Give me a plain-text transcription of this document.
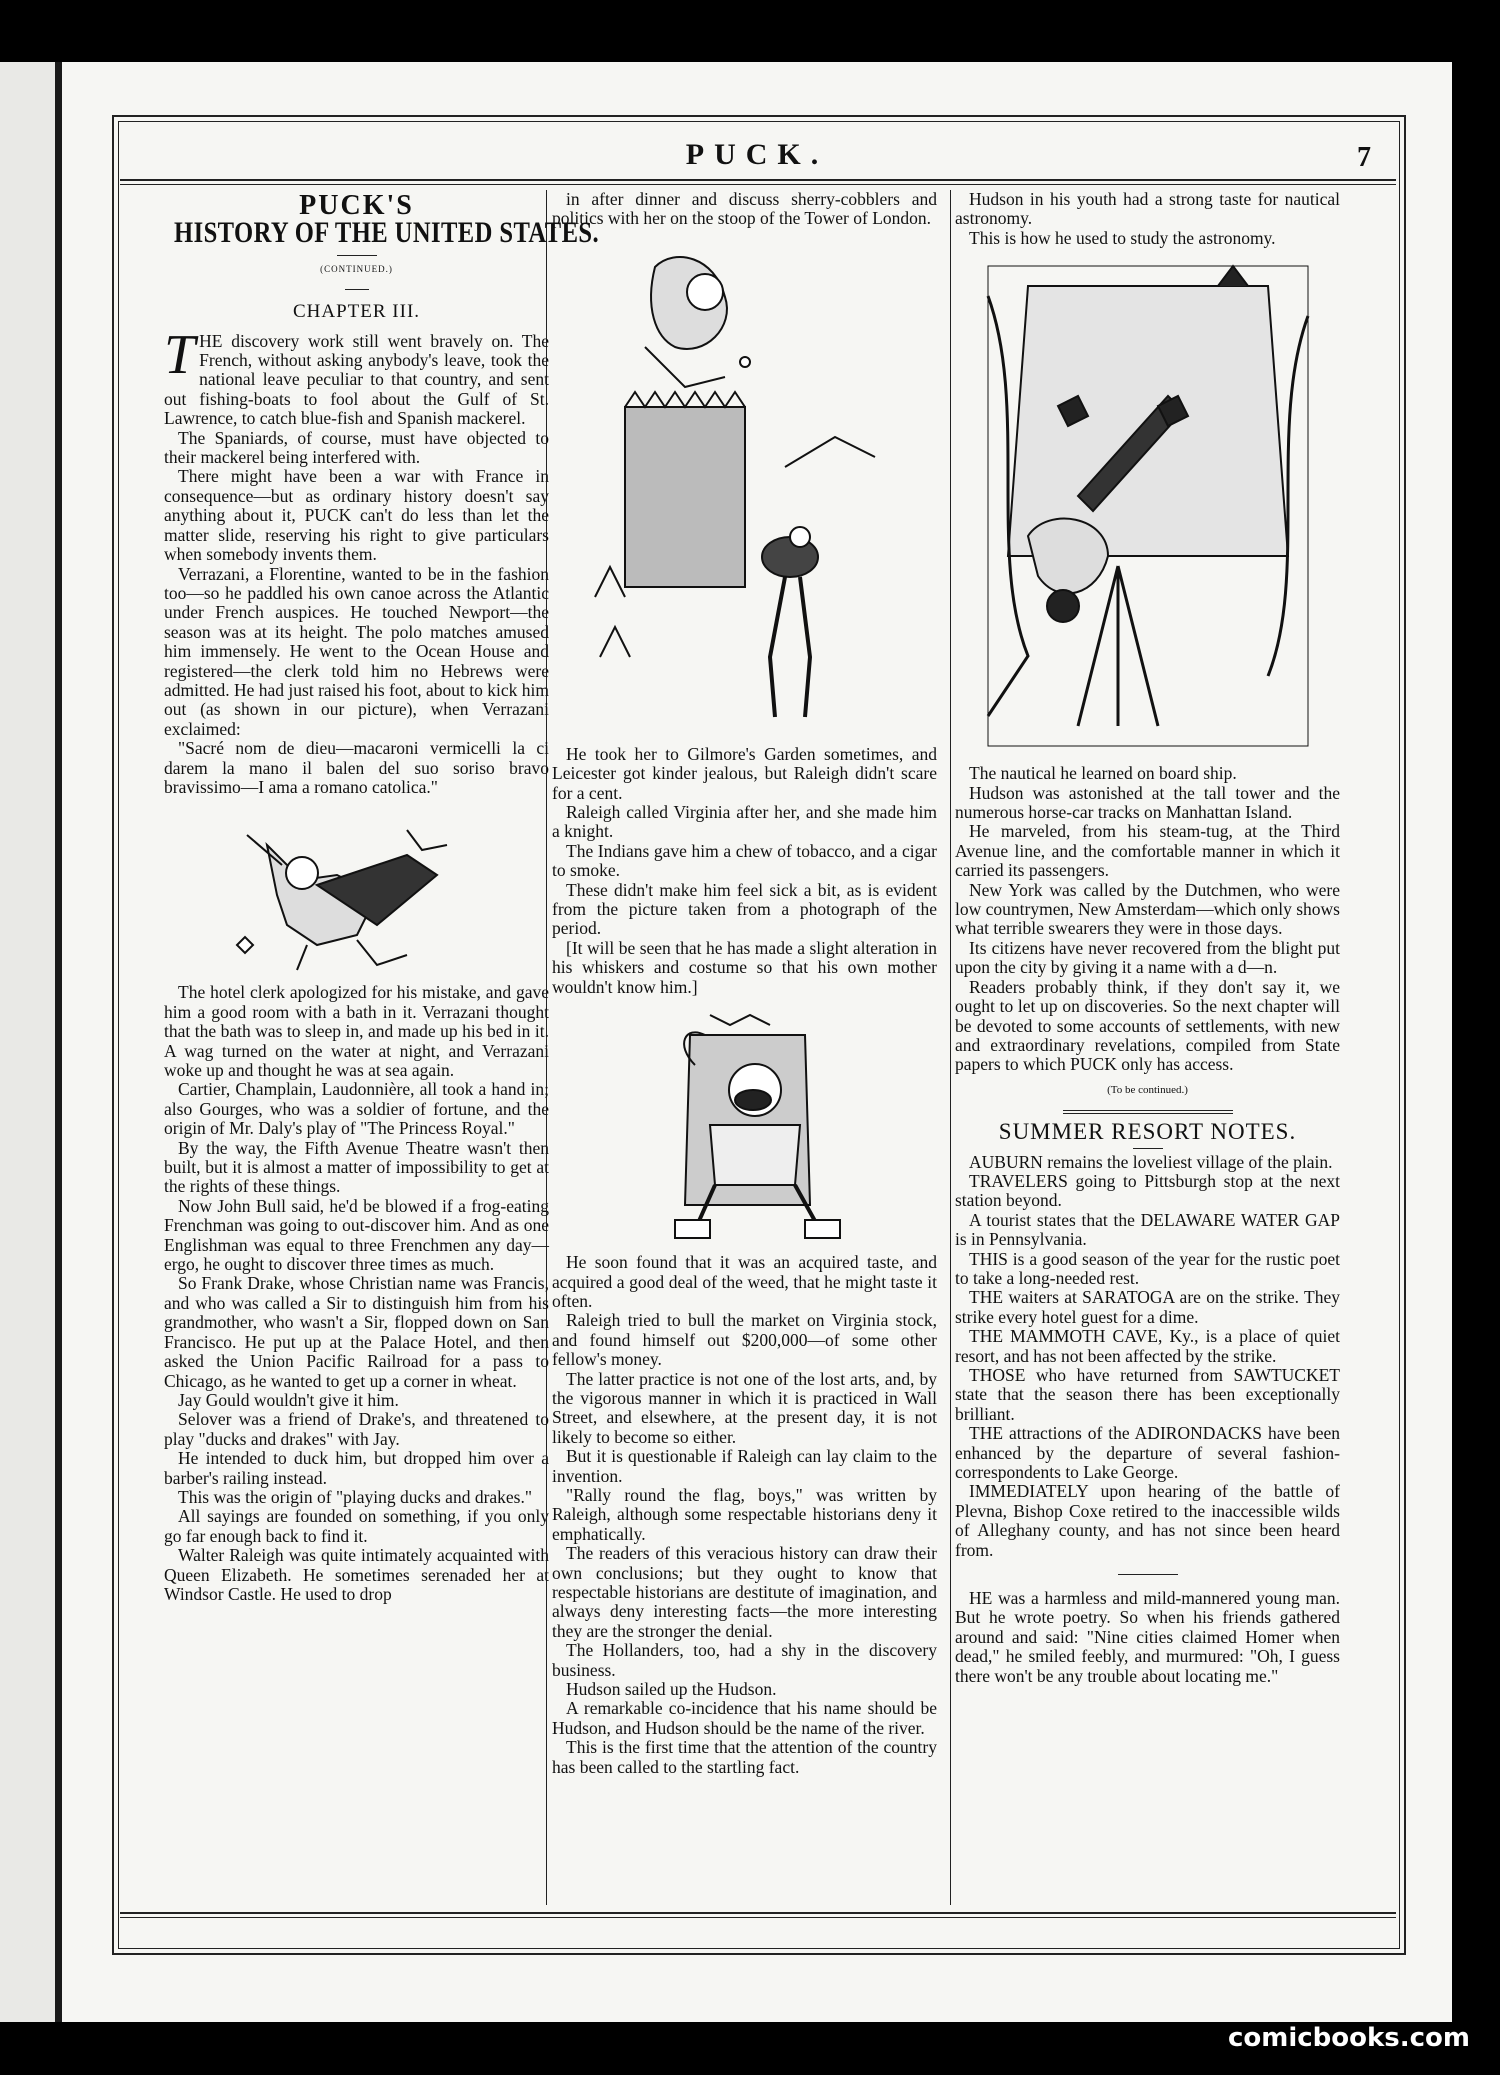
PUCK.	7
PUCK'S
HISTORY OF THE UNITED STATES.
(CONTINUED.)
CHAPTER III.

THE discovery work still went bravely on. The French, without asking anybody's leave, took the national leave peculiar to that country, and sent out fishing-boats to fool about the Gulf of St. Lawrence, to catch blue-fish and Spanish mackerel.

The Spaniards, of course, must have objected to their mackerel being interfered with.

There might have been a war with France in consequence—but as ordinary history doesn't say anything about it, PUCK can't do less than let the matter slide, reserving his right to give particulars when somebody invents them.

Verrazani, a Florentine, wanted to be in the fashion too—so he paddled his own canoe across the Atlantic under French auspices. He touched Newport—the season was at its height. The polo matches amused him immensely. He went to the Ocean House and registered—the clerk told him no Hebrews were admitted. He had just raised his foot, about to kick him out (as shown in our picture), when Verrazani exclaimed:

"Sacré nom de dieu—macaroni vermicelli la ci darem la mano il balen del suo soriso bravo bravissimo—I ama a romano catolica."

The hotel clerk apologized for his mistake, and gave him a good room with a bath in it. Verrazani thought that the bath was to sleep in, and made up his bed in it. A wag turned on the water at night, and Verrazani woke up and thought he was at sea again.

Cartier, Champlain, Laudonnière, all took a hand in; also Gourges, who was a soldier of fortune, and the origin of Mr. Daly's play of "The Princess Royal."

By the way, the Fifth Avenue Theatre wasn't then built, but it is almost a matter of impossibility to get at the rights of these things.

Now John Bull said, he'd be blowed if a frog-eating Frenchman was going to out-discover him. And as one Englishman was equal to three Frenchmen any day—ergo, he ought to discover three times as much.

So Frank Drake, whose Christian name was Francis, and who was called a Sir to distinguish him from his grandmother, who wasn't a Sir, flopped down on San Francisco. He put up at the Palace Hotel, and then asked the Union Pacific Railroad for a pass to Chicago, as he wanted to get up a corner in wheat.

Jay Gould wouldn't give it him.

Selover was a friend of Drake's, and threatened to play "ducks and drakes" with Jay.

He intended to duck him, but dropped him over a barber's railing instead.

This was the origin of "playing ducks and drakes."

All sayings are founded on something, if you only go far enough back to find it.

Walter Raleigh was quite intimately acquainted with Queen Elizabeth. He sometimes serenaded her at Windsor Castle. He used to drop

in after dinner and discuss sherry-cobblers and politics with her on the stoop of the Tower of London.

He took her to Gilmore's Garden sometimes, and Leicester got kinder jealous, but Raleigh didn't scare for a cent.

Raleigh called Virginia after her, and she made him a knight.

The Indians gave him a chew of tobacco, and a cigar to smoke.

These didn't make him feel sick a bit, as is evident from the picture taken from a photograph of the period.

[It will be seen that he has made a slight alteration in his whiskers and costume so that his own mother wouldn't know him.]

He soon found that it was an acquired taste, and acquired a good deal of the weed, that he might taste it often.

Raleigh tried to bull the market on Virginia stock, and found himself out $200,000—of some other fellow's money.

The latter practice is not one of the lost arts, and, by the vigorous manner in which it is practiced in Wall Street, and elsewhere, at the present day, it is not likely to become so either.

But it is questionable if Raleigh can lay claim to the invention.

"Rally round the flag, boys," was written by Raleigh, although some respectable historians deny it emphatically.

The readers of this veracious history can draw their own conclusions; but they ought to know that respectable historians are destitute of imagination, and always deny interesting facts—the more interesting they are the stronger the denial.

The Hollanders, too, had a shy in the discovery business.

Hudson sailed up the Hudson.

A remarkable co-incidence that his name should be Hudson, and Hudson should be the name of the river.

This is the first time that the attention of the country has been called to the startling fact.

Hudson in his youth had a strong taste for nautical astronomy.

This is how he used to study the astronomy.

The nautical he learned on board ship.

Hudson was astonished at the tall tower and the numerous horse-car tracks on Manhattan Island.

He marveled, from his steam-tug, at the Third Avenue line, and the comfortable manner in which it carried its passengers.

New York was called by the Dutchmen, who were low countrymen, New Amsterdam—which only shows what terrible swearers they were in those days.

Its citizens have never recovered from the blight put upon the city by giving it a name with a d—n.

Readers probably think, if they don't say it, we ought to let up on discoveries. So the next chapter will be devoted to some accounts of settlements, with new and extraordinary revelations, compiled from State papers to which PUCK only has access.

(To be continued.)
SUMMER RESORT NOTES.

AUBURN remains the loveliest village of the plain.

TRAVELERS going to Pittsburgh stop at the next station beyond.

A tourist states that the DELAWARE WATER GAP is in Pennsylvania.

THIS is a good season of the year for the rustic poet to take a long-needed rest.

THE waiters at SARATOGA are on the strike. They strike every hotel guest for a dime.

THE MAMMOTH CAVE, Ky., is a place of quiet resort, and has not been affected by the strike.

THOSE who have returned from SAWTUCKET state that the season there has been exceptionally brilliant.

THE attractions of the ADIRONDACKS have been enhanced by the departure of several fashion-correspondents to Lake George.

IMMEDIATELY upon hearing of the battle of Plevna, Bishop Coxe retired to the inaccessible wilds of Alleghany county, and has not since been heard from.

HE was a harmless and mild-mannered young man. But he wrote poetry. So when his friends gathered around and said: "Nine cities claimed Homer when dead," he smiled feebly, and murmured: "Oh, I guess there won't be any trouble about locating me."

comicbooks.com
